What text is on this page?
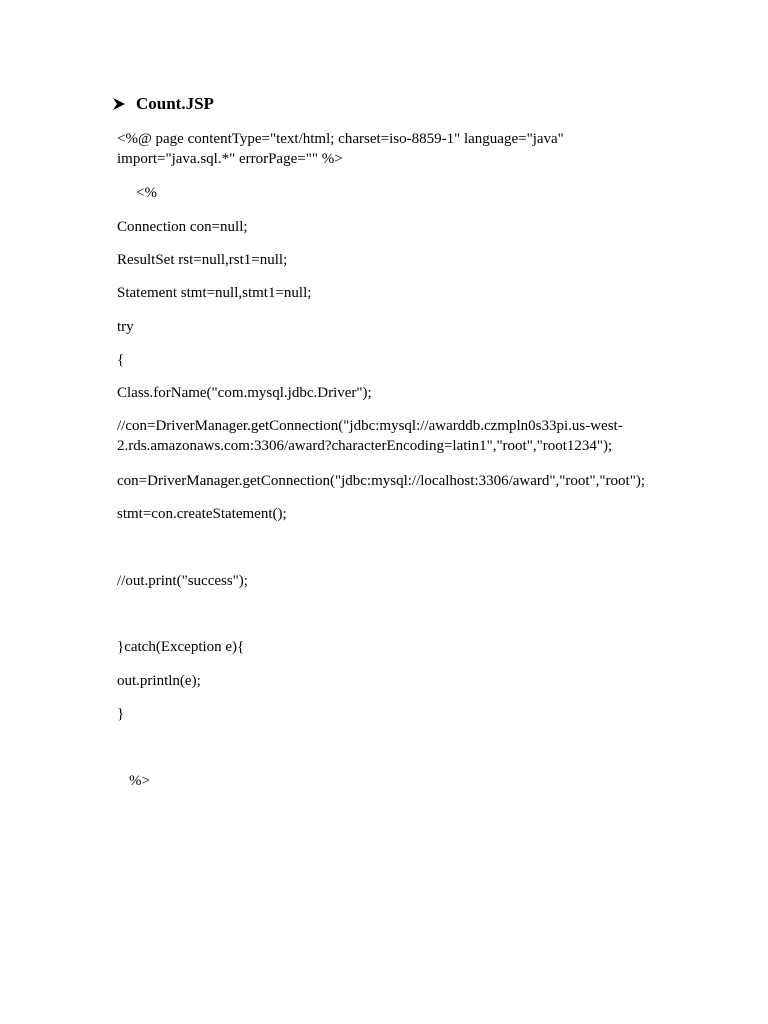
Count.JSP
<%@ page contentType="text/html; charset=iso-8859-1" language="java" import="java.sql.*" errorPage="" %>
<%
Connection con=null;
ResultSet rst=null,rst1=null;
Statement stmt=null,stmt1=null;
try
{
Class.forName("com.mysql.jdbc.Driver");
//con=DriverManager.getConnection("jdbc:mysql://awarddb.czmpln0s33pi.us-west-2.rds.amazonaws.com:3306/award?characterEncoding=latin1","root","root1234");
con=DriverManager.getConnection("jdbc:mysql://localhost:3306/award","root","root");
stmt=con.createStatement();
//out.print("success");
}catch(Exception e){
out.println(e);
}
%>
